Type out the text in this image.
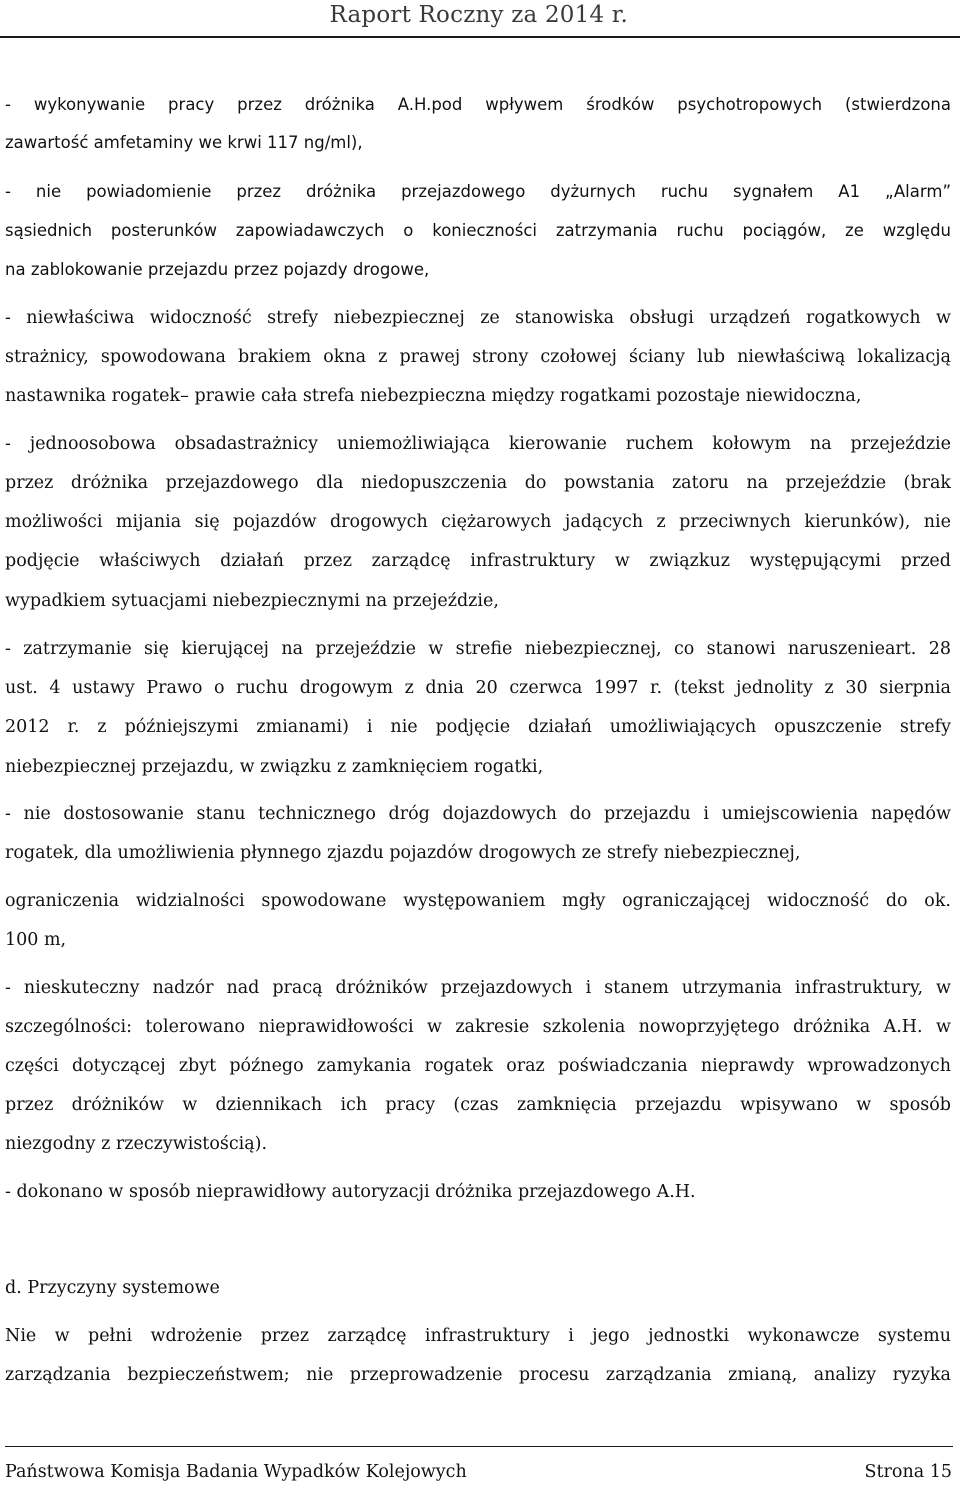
Raport Roczny za 2014 r.
- wykonywanie pracy przez dróżnika A.H.pod wpływem środków psychotropowych (stwierdzona
zawartość amfetaminy we krwi 117 ng/ml),
- nie powiadomienie przez dróżnika przejazdowego dyżurnych ruchu sygnałem A1 „Alarm”
sąsiednich posterunków zapowiadawczych o konieczności zatrzymania ruchu pociągów, ze względu
na zablokowanie przejazdu przez pojazdy drogowe,
- niewłaściwa widoczność strefy niebezpiecznej ze stanowiska obsługi urządzeń rogatkowych w
strażnicy, spowodowana brakiem okna z prawej strony czołowej ściany lub niewłaściwą lokalizacją
nastawnika rogatek– prawie cała strefa niebezpieczna między rogatkami pozostaje niewidoczna,
- jednoosobowa obsadastrażnicy uniemożliwiająca kierowanie ruchem kołowym na przejeździe
przez dróżnika przejazdowego dla niedopuszczenia do powstania zatoru na przejeździe (brak
możliwości mijania się pojazdów drogowych ciężarowych jadących z przeciwnych kierunków), nie
podjęcie właściwych działań przez zarządcę infrastruktury w związkuz występującymi przed
wypadkiem sytuacjami niebezpiecznymi na przejeździe,
- zatrzymanie się kierującej na przejeździe w strefie niebezpiecznej, co stanowi naruszenieart. 28
ust. 4 ustawy Prawo o ruchu drogowym z dnia 20 czerwca 1997 r. (tekst jednolity z 30 sierpnia
2012 r. z późniejszymi zmianami) i nie podjęcie działań umożliwiających opuszczenie strefy
niebezpiecznej przejazdu, w związku z zamknięciem rogatki,
- nie dostosowanie stanu technicznego dróg dojazdowych do przejazdu i umiejscowienia napędów
rogatek, dla umożliwienia płynnego zjazdu pojazdów drogowych ze strefy niebezpiecznej,
ograniczenia widzialności spowodowane występowaniem mgły ograniczającej widoczność do ok.
100 m,
- nieskuteczny nadzór nad pracą dróżników przejazdowych i stanem utrzymania infrastruktury, w
szczególności: tolerowano nieprawidłowości w zakresie szkolenia nowoprzyjętego dróżnika A.H. w
części dotyczącej zbyt późnego zamykania rogatek oraz poświadczania nieprawdy wprowadzonych
przez dróżników w dziennikach ich pracy (czas zamknięcia przejazdu wpisywano w sposób
niezgodny z rzeczywistością).
- dokonano w sposób nieprawidłowy autoryzacji dróżnika przejazdowego A.H.
d. Przyczyny systemowe
Nie w pełni wdrożenie przez zarządcę infrastruktury i jego jednostki wykonawcze systemu
zarządzania bezpieczeństwem; nie przeprowadzenie procesu zarządzania zmianą, analizy ryzyka
Państwowa Komisja Badania Wypadków Kolejowych	Strona 15
